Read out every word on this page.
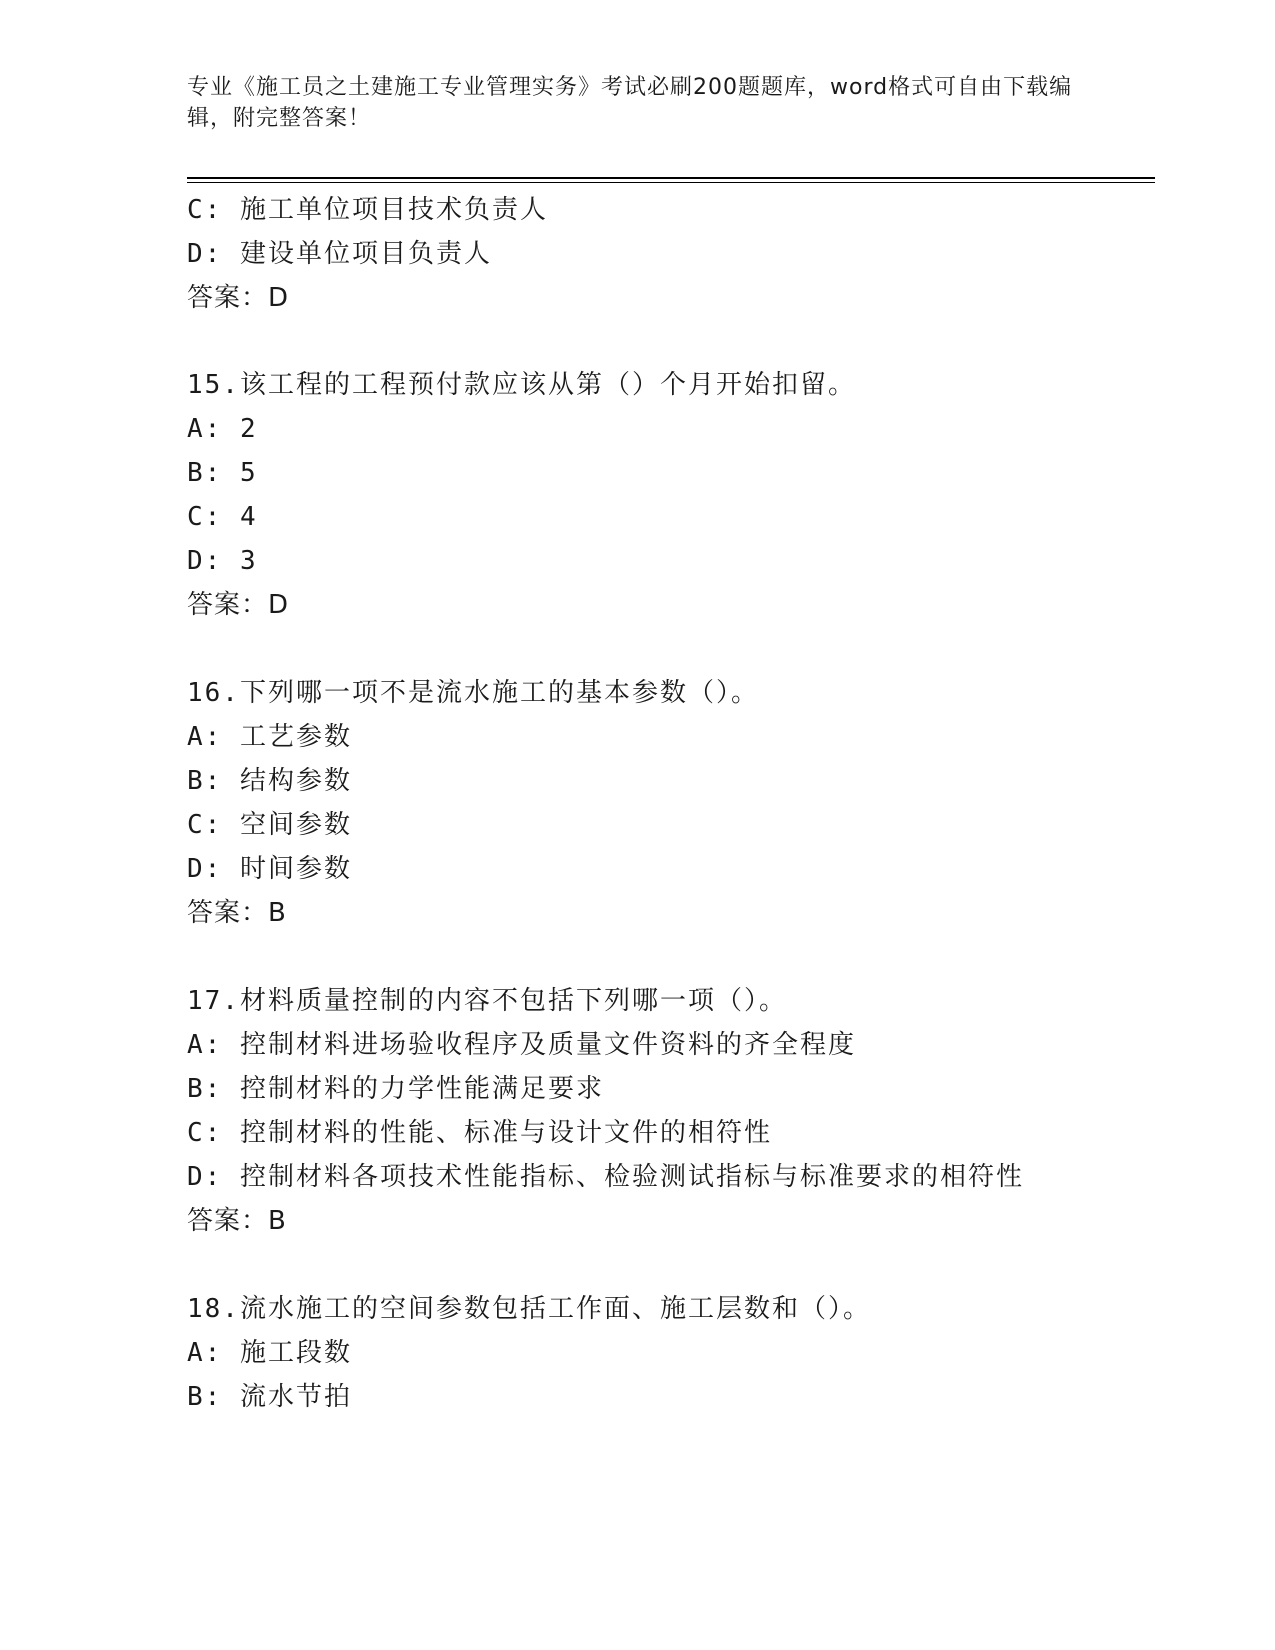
专业《施工员之土建施工专业管理实务》考试必刷200题题库，word格式可自由下载编辑，附完整答案！
C: 施工单位项目技术负责人
D: 建设单位项目负责人
答案：D
15.该工程的工程预付款应该从第（）个月开始扣留。
A: 2
B: 5
C: 4
D: 3
答案：D
16.下列哪一项不是流水施工的基本参数（）。
A: 工艺参数
B: 结构参数
C: 空间参数
D: 时间参数
答案：B
17.材料质量控制的内容不包括下列哪一项（）。
A: 控制材料进场验收程序及质量文件资料的齐全程度
B: 控制材料的力学性能满足要求
C: 控制材料的性能、标准与设计文件的相符性
D: 控制材料各项技术性能指标、检验测试指标与标准要求的相符性
答案：B
18.流水施工的空间参数包括工作面、施工层数和（）。
A: 施工段数
B: 流水节拍
